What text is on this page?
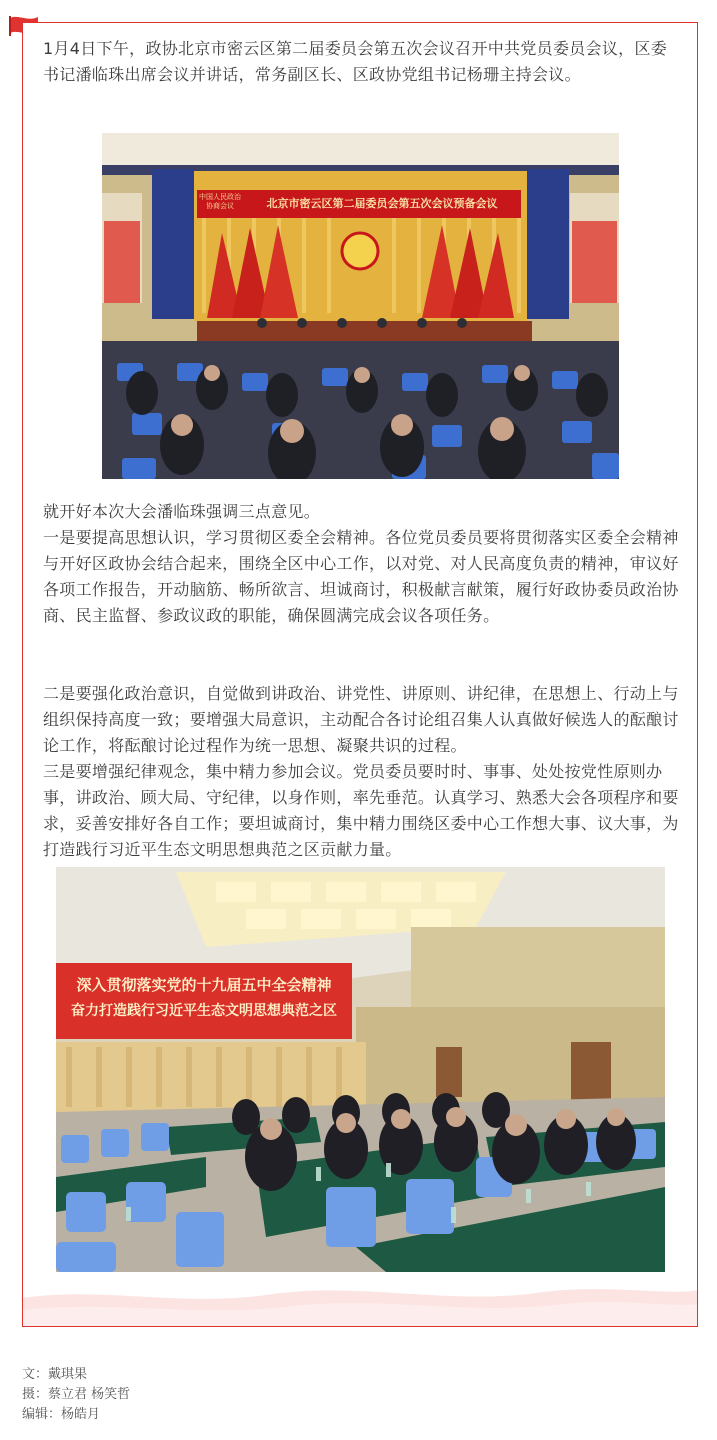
1月4日下午，政协北京市密云区第二届委员会第五次会议召开中共党员委员会议，区委书记潘临珠出席会议并讲话，常务副区长、区政协党组书记杨珊主持会议。

中国人民政治协商会议	北京市密云区第二届委员会第五次会议预备会议

就开好本次大会潘临珠强调三点意见。

一是要提高思想认识，学习贯彻区委全会精神。各位党员委员要将贯彻落实区委全会精神与开好区政协会结合起来，围绕全区中心工作，以对党、对人民高度负责的精神，审议好各项工作报告，开动脑筋、畅所欲言、坦诚商讨，积极献言献策，履行好政协委员政治协商、民主监督、参政议政的职能，确保圆满完成会议各项任务。

二是要强化政治意识，自觉做到讲政治、讲党性、讲原则、讲纪律，在思想上、行动上与组织保持高度一致；要增强大局意识，主动配合各讨论组召集人认真做好候选人的酝酿讨论工作，将酝酿讨论过程作为统一思想、凝聚共识的过程。

三是要增强纪律观念，集中精力参加会议。党员委员要时时、事事、处处按党性原则办事，讲政治、顾大局、守纪律，以身作则，率先垂范。认真学习、熟悉大会各项程序和要求，妥善安排好各自工作；要坦诚商讨，集中精力围绕区委中心工作想大事、议大事，为打造践行习近平生态文明思想典范之区贡献力量。

深入贯彻落实党的十九届五中全会精神
奋力打造践行习近平生态文明思想典范之区
文：戴琪果
摄：蔡立君 杨笑哲
编辑：杨皓月
